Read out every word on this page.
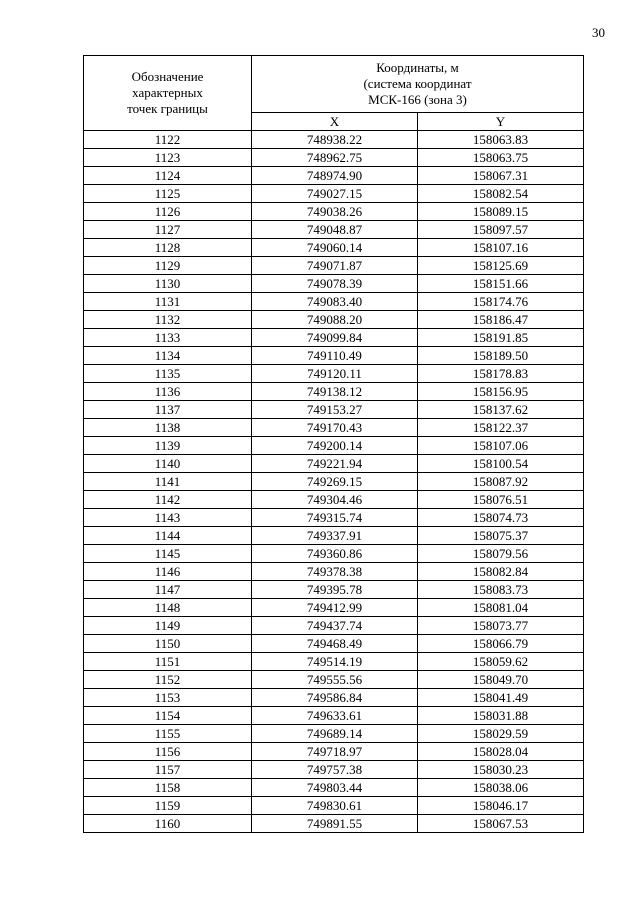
30
Обозначение
характерных
точек границы	Координаты, м
(система координат
МСК-166 (зона 3)	

	X	Y
1122	748938.22	158063.83
1123	748962.75	158063.75
1124	748974.90	158067.31
1125	749027.15	158082.54
1126	749038.26	158089.15
1127	749048.87	158097.57
1128	749060.14	158107.16
1129	749071.87	158125.69
1130	749078.39	158151.66
1131	749083.40	158174.76
1132	749088.20	158186.47
1133	749099.84	158191.85
1134	749110.49	158189.50
1135	749120.11	158178.83
1136	749138.12	158156.95
1137	749153.27	158137.62
1138	749170.43	158122.37
1139	749200.14	158107.06
1140	749221.94	158100.54
1141	749269.15	158087.92
1142	749304.46	158076.51
1143	749315.74	158074.73
1144	749337.91	158075.37
1145	749360.86	158079.56
1146	749378.38	158082.84
1147	749395.78	158083.73
1148	749412.99	158081.04
1149	749437.74	158073.77
1150	749468.49	158066.79
1151	749514.19	158059.62
1152	749555.56	158049.70
1153	749586.84	158041.49
1154	749633.61	158031.88
1155	749689.14	158029.59
1156	749718.97	158028.04
1157	749757.38	158030.23
1158	749803.44	158038.06
1159	749830.61	158046.17
1160	749891.55	158067.53
